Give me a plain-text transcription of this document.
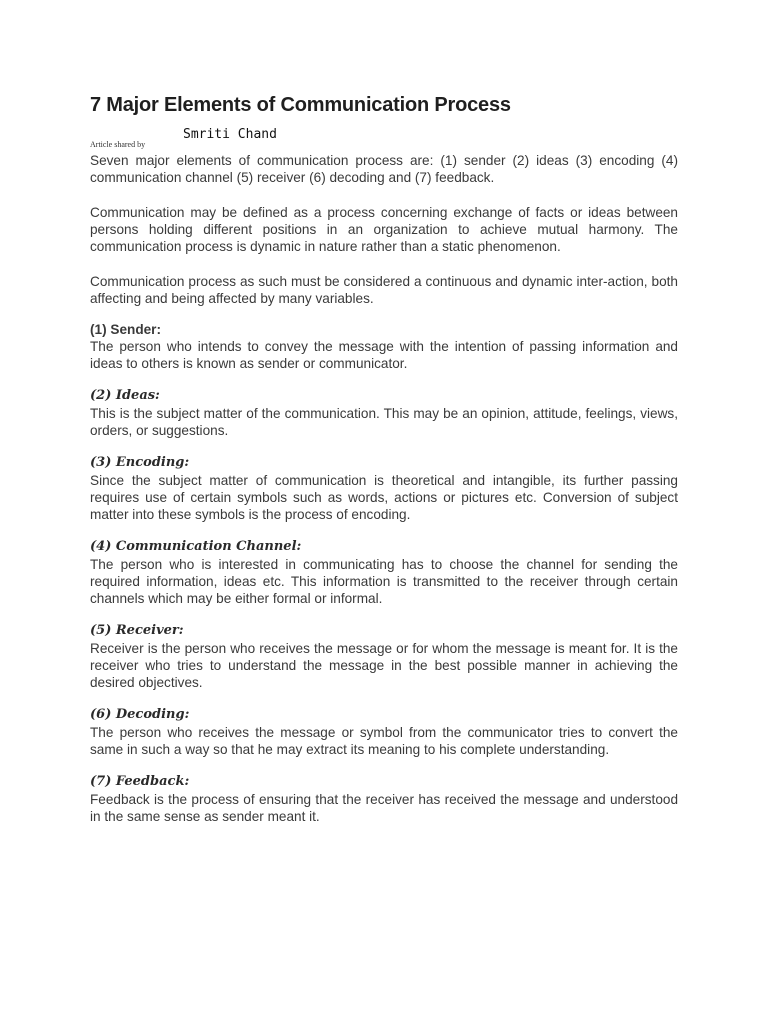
7 Major Elements of Communication Process
Article shared by
Smriti Chand

Seven major elements of communication process are: (1) sender (2) ideas (3) encoding (4) communication channel (5) receiver (6) decoding and (7) feedback.

Communication may be defined as a process concerning exchange of facts or ideas between persons holding different positions in an organization to achieve mutual harmony. The communication process is dynamic in nature rather than a static phenomenon.

Communication process as such must be considered a continuous and dynamic inter-action, both affecting and being affected by many variables.

(1) Sender:

The person who intends to convey the message with the intention of passing information and ideas to others is known as sender or communicator.

(2) Ideas:

This is the subject matter of the communication. This may be an opinion, attitude, feelings, views, orders, or suggestions.

(3) Encoding:

Since the subject matter of communication is theoretical and intangible, its further passing requires use of certain symbols such as words, actions or pictures etc. Conversion of subject matter into these symbols is the process of encoding.

(4) Communication Channel:

The person who is interested in communicating has to choose the channel for sending the required information, ideas etc. This information is transmitted to the receiver through certain channels which may be either formal or informal.

(5) Receiver:

Receiver is the person who receives the message or for whom the message is meant for. It is the receiver who tries to understand the message in the best possible manner in achieving the desired objectives.

(6) Decoding:

The person who receives the message or symbol from the communicator tries to convert the same in such a way so that he may extract its meaning to his complete understanding.

(7) Feedback:

Feedback is the process of ensuring that the receiver has received the message and understood in the same sense as sender meant it.
